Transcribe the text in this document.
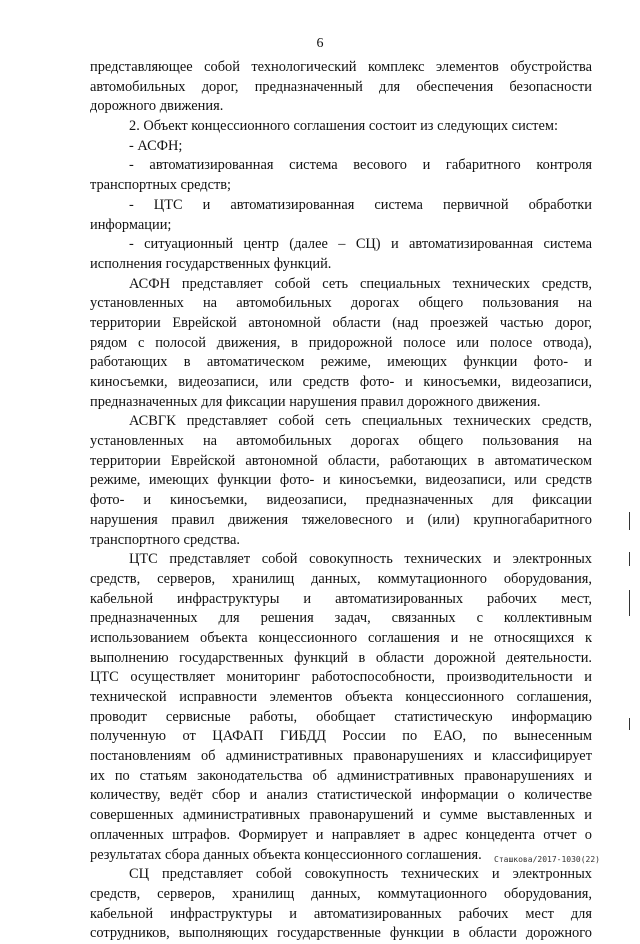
6
представляющее собой технологический комплекс элементов обустройства
автомобильных дорог, предназначенный для обеспечения безопасности
дорожного движения.
2. Объект концессионного соглашения состоит из следующих систем:
- АСФН;
- автоматизированная система весового и габаритного контроля
транспортных средств;
- ЦТС и автоматизированная система первичной обработки
информации;
- ситуационный центр (далее – СЦ) и автоматизированная система
исполнения государственных функций.
АСФН представляет собой сеть специальных технических средств,
установленных на автомобильных дорогах общего пользования на
территории Еврейской автономной области (над проезжей частью дорог,
рядом с полосой движения, в придорожной полосе или полосе отвода),
работающих в автоматическом режиме, имеющих функции фото- и
киносъемки, видеозаписи, или средств фото- и киносъемки, видеозаписи,
предназначенных для фиксации нарушения правил дорожного движения.
АСВГК представляет собой сеть специальных технических средств,
установленных на автомобильных дорогах общего пользования на
территории Еврейской автономной области, работающих в автоматическом
режиме, имеющих функции фото- и киносъемки, видеозаписи, или средств
фото- и киносъемки, видеозаписи, предназначенных для фиксации
нарушения правил движения тяжеловесного и (или) крупногабаритного
транспортного средства.
ЦТС представляет собой совокупность технических и электронных
средств, серверов, хранилищ данных, коммутационного оборудования,
кабельной инфраструктуры и автоматизированных рабочих мест,
предназначенных для решения задач, связанных с коллективным
использованием объекта концессионного соглашения и не относящихся к
выполнению государственных функций в области дорожной деятельности.
ЦТС осуществляет мониторинг работоспособности, производительности и
технической исправности элементов объекта концессионного соглашения,
проводит сервисные работы, обобщает статистическую информацию
полученную от ЦАФАП ГИБДД России по ЕАО, по вынесенным
постановлениям об административных правонарушениях и классифицирует
их по статьям законодательства об административных правонарушениях и
количеству, ведёт сбор и анализ статистической информации о количестве
совершенных административных правонарушений и сумме выставленных и
оплаченных штрафов. Формирует и направляет в адрес концедента отчет о
результатах сбора данных объекта концессионного соглашения.
СЦ представляет собой совокупность технических и электронных
средств, серверов, хранилищ данных, коммутационного оборудования,
кабельной инфраструктуры и автоматизированных рабочих мест для
сотрудников, выполняющих государственные функции в области дорожного
Сташкова/2017-1030(22)
